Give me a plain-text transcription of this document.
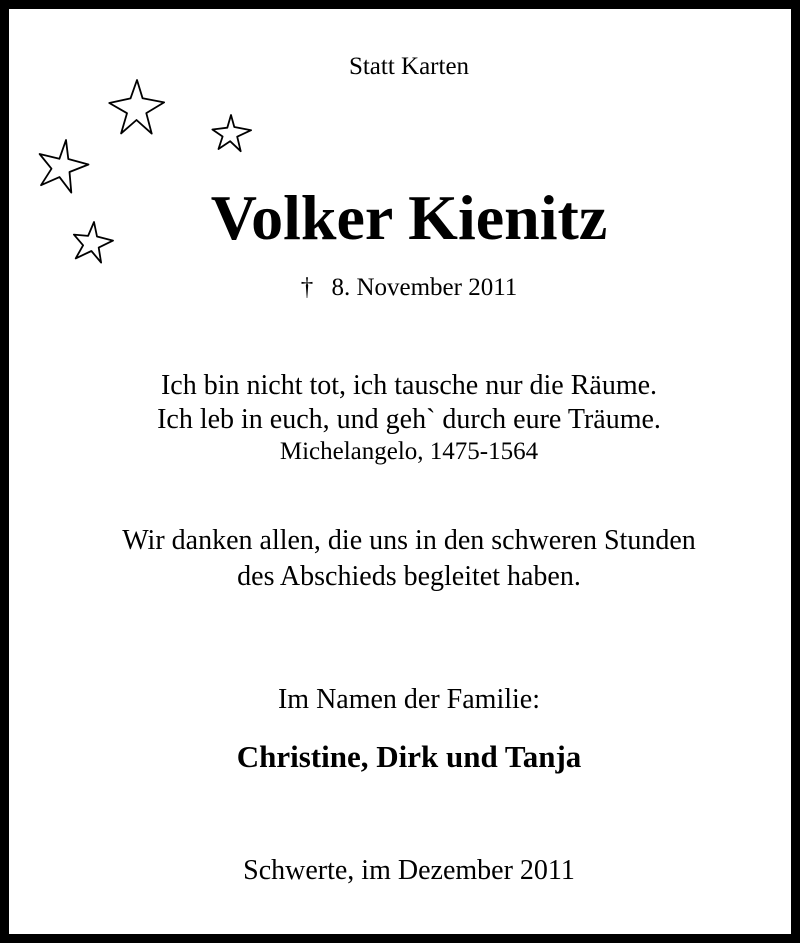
Statt Karten
Volker Kienitz
† 8. November 2011
Ich bin nicht tot, ich tausche nur die Räume.
Ich leb in euch, und geh` durch eure Träume.
Michelangelo, 1475-1564
Wir danken allen, die uns in den schweren Stunden
des Abschieds begleitet haben.
Im Namen der Familie:
Christine, Dirk und Tanja
Schwerte, im Dezember 2011
